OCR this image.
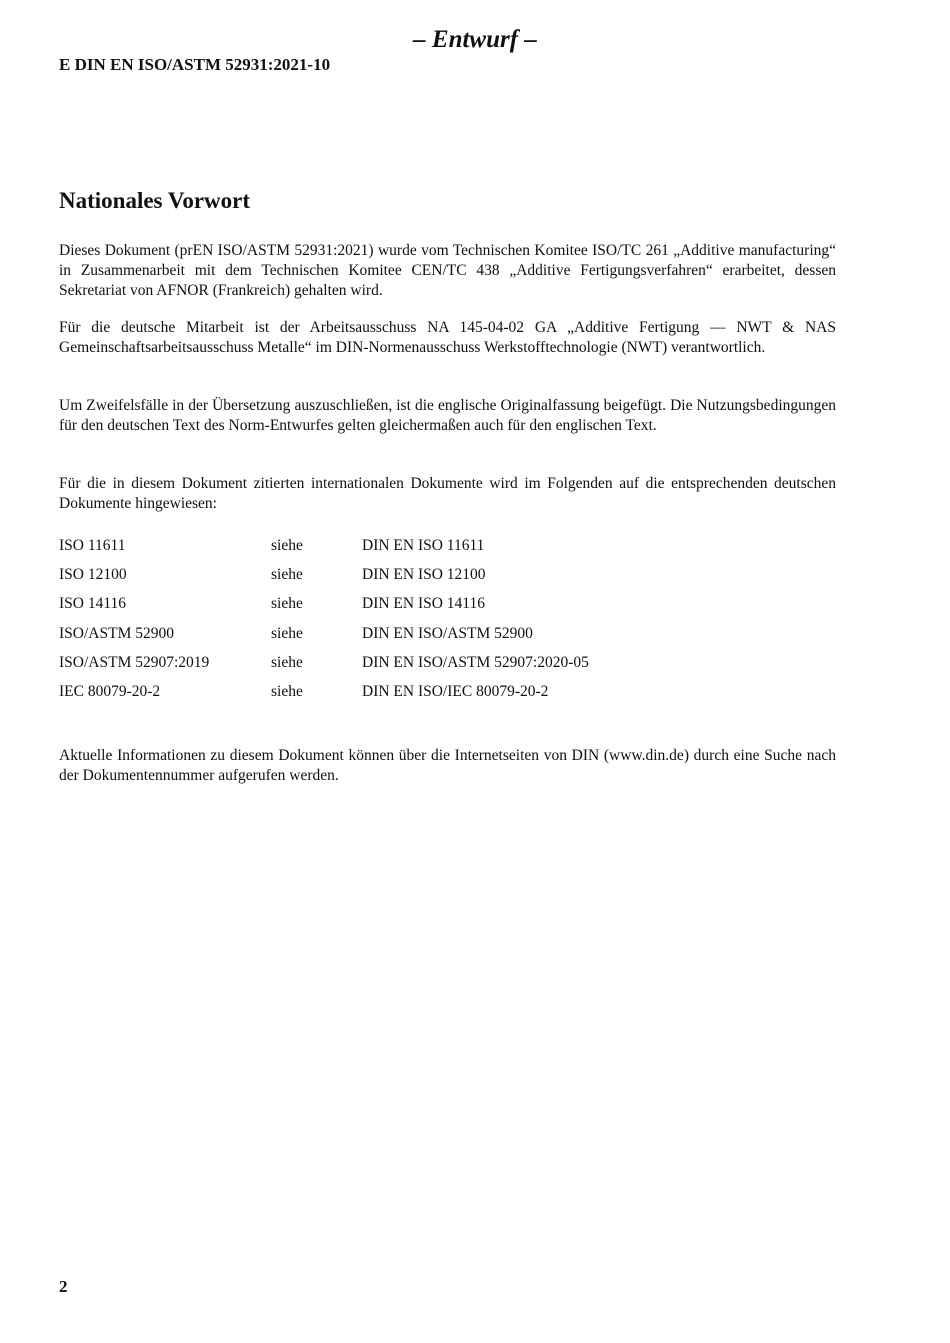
– Entwurf –
E DIN EN ISO/ASTM 52931:2021-10
Nationales Vorwort

Dieses Dokument (prEN ISO/ASTM 52931:2021) wurde vom Technischen Komitee ISO/TC 261 „Additive manufacturing“ in Zusammenarbeit mit dem Technischen Komitee CEN/TC 438 „Additive Fertigungsverfahren“ erarbeitet, dessen Sekretariat von AFNOR (Frankreich) gehalten wird.

Für die deutsche Mitarbeit ist der Arbeitsausschuss NA 145-04-02 GA „Additive Fertigung — NWT & NAS Gemeinschaftsarbeitsausschuss Metalle“ im DIN-Normenausschuss Werkstofftechnologie (NWT) verantwortlich.

Um Zweifelsfälle in der Übersetzung auszuschließen, ist die englische Originalfassung beigefügt. Die Nutzungsbedingungen für den deutschen Text des Norm-Entwurfes gelten gleichermaßen auch für den englischen Text.

Für die in diesem Dokument zitierten internationalen Dokumente wird im Folgenden auf die entsprechenden deutschen Dokumente hingewiesen:

ISO 11611	siehe	DIN EN ISO 11611
ISO 12100	siehe	DIN EN ISO 12100
ISO 14116	siehe	DIN EN ISO 14116
ISO/ASTM 52900	siehe	DIN EN ISO/ASTM 52900
ISO/ASTM 52907:2019	siehe	DIN EN ISO/ASTM 52907:2020-05
IEC 80079-20-2	siehe	DIN EN ISO/IEC 80079-20-2

Aktuelle Informationen zu diesem Dokument können über die Internetseiten von DIN (www.din.de) durch eine Suche nach der Dokumentennummer aufgerufen werden.

2
